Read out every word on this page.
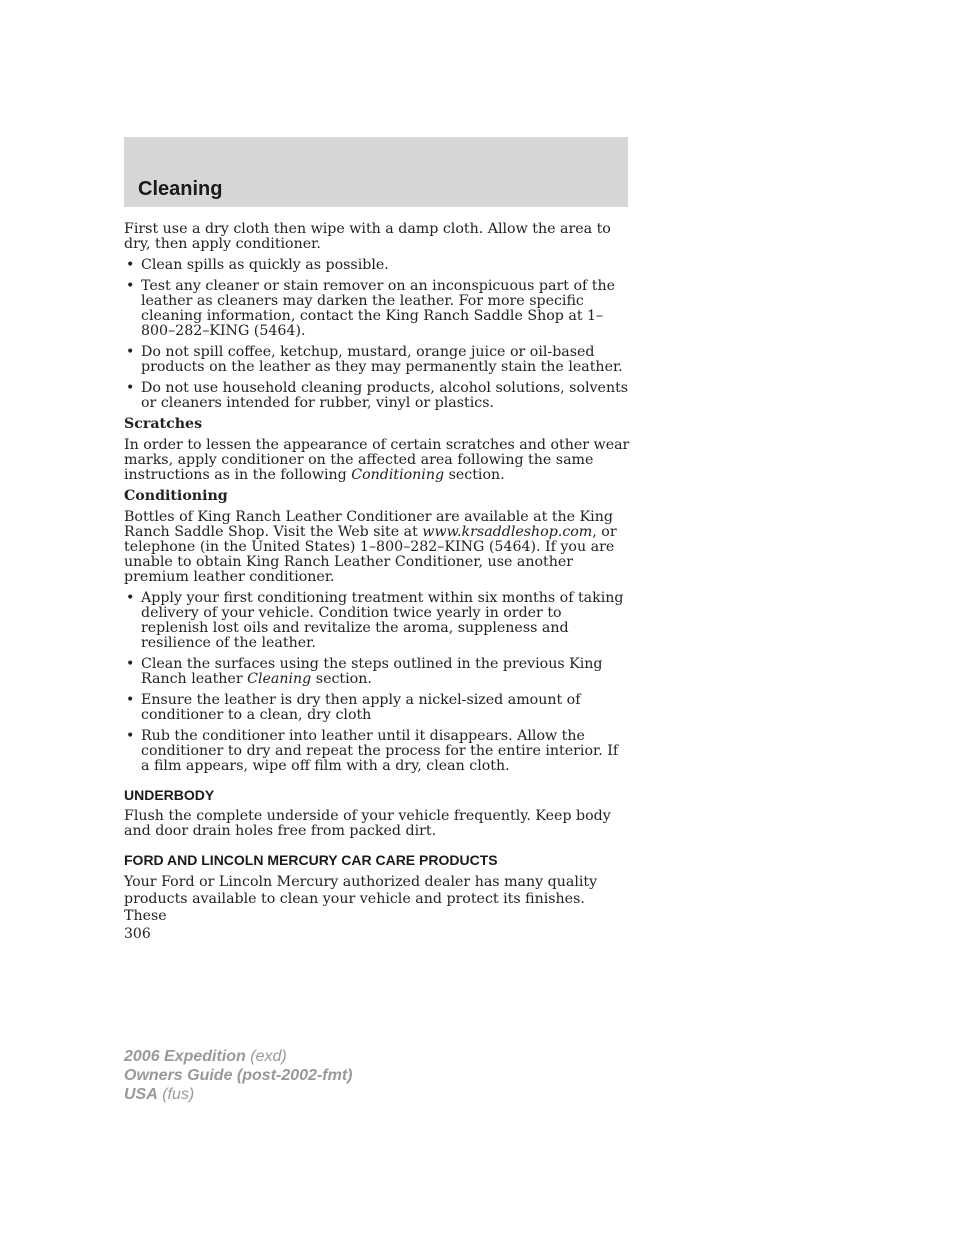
Cleaning

First use a dry cloth then wipe with a damp cloth. Allow the area to dry, then apply conditioner.

• Clean spills as quickly as possible.
• Test any cleaner or stain remover on an inconspicuous part of the leather as cleaners may darken the leather. For more specific cleaning information, contact the King Ranch Saddle Shop at 1–800–282–KING (5464).
• Do not spill coffee, ketchup, mustard, orange juice or oil-based products on the leather as they may permanently stain the leather.
• Do not use household cleaning products, alcohol solutions, solvents or cleaners intended for rubber, vinyl or plastics.
Scratches

In order to lessen the appearance of certain scratches and other wear marks, apply conditioner on the affected area following the same instructions as in the following Conditioning section.

Conditioning

Bottles of King Ranch Leather Conditioner are available at the King Ranch Saddle Shop. Visit the Web site at www.krsaddleshop.com, or telephone (in the United States) 1–800–282–KING (5464). If you are unable to obtain King Ranch Leather Conditioner, use another premium leather conditioner.

• Apply your first conditioning treatment within six months of taking delivery of your vehicle. Condition twice yearly in order to replenish lost oils and revitalize the aroma, suppleness and resilience of the leather.
• Clean the surfaces using the steps outlined in the previous King Ranch leather Cleaning section.
• Ensure the leather is dry then apply a nickel-sized amount of conditioner to a clean, dry cloth
• Rub the conditioner into leather until it disappears. Allow the conditioner to dry and repeat the process for the entire interior. If a film appears, wipe off film with a dry, clean cloth.
UNDERBODY

Flush the complete underside of your vehicle frequently. Keep body and door drain holes free from packed dirt.

FORD AND LINCOLN MERCURY CAR CARE PRODUCTS

Your Ford or Lincoln Mercury authorized dealer has many quality products available to clean your vehicle and protect its finishes. These

306
2006 Expedition (exd)
Owners Guide (post-2002-fmt)
USA (fus)
